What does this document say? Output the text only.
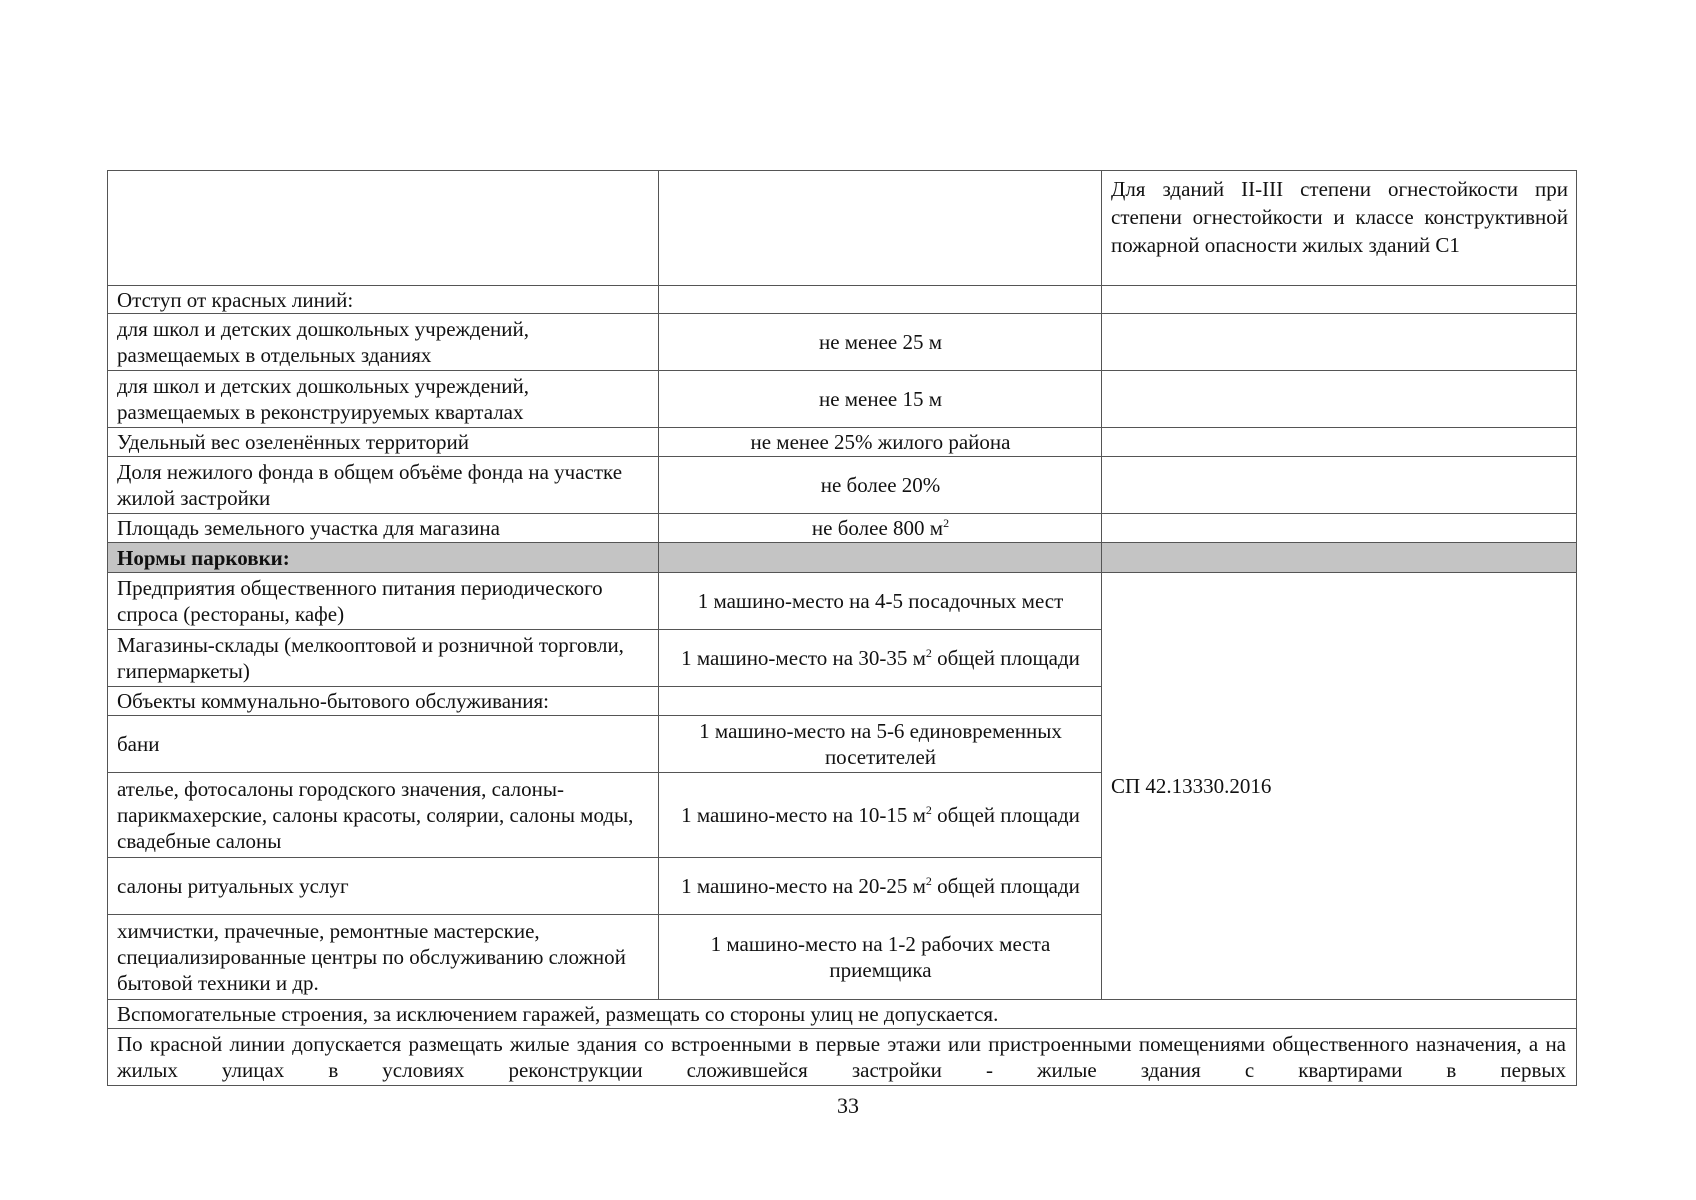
		Для зданий II-III степени огнестойкости при степени огнестойкости и классе конструктивной пожарной опасности жилых зданий С1
Отступ от красных линий:		
для школ и детских дошкольных учреждений, размещаемых в отдельных зданиях	не менее 25 м	
для школ и детских дошкольных учреждений, размещаемых в реконструируемых кварталах	не менее 15 м	
Удельный вес озеленённых территорий	не менее 25% жилого района	
Доля нежилого фонда в общем объёме фонда на участке жилой застройки	не более 20%	
Площадь земельного участка для магазина	не более 800 $м^2$	
Нормы парковки:		
Предприятия общественного питания периодического спроса (рестораны, кафе)	1 машино-место на 4-5 посадочных мест	СП 42.13330.2016
Магазины-склады (мелкооптовой и розничной торговли, гипермаркеты)	1 машино-место на 30-35 $м^2$ общей площади	
Объекты коммунально-бытового обслуживания:		
бани	1 машино-место на 5-6 единовременных посетителей	
ателье, фотосалоны городского значения, салоны-парикмахерские, салоны красоты, солярии, салоны моды, свадебные салоны	1 машино-место на 10-15 $м^2$ общей площади	
салоны ритуальных услуг	1 машино-место на 20-25 $м^2$ общей площади	
химчистки, прачечные, ремонтные мастерские, специализированные центры по обслуживанию сложной бытовой техники и др.	1 машино-место на 1-2 рабочих места приемщика	
Вспомогательные строения, за исключением гаражей, размещать со стороны улиц не допускается.		
По красной линии допускается размещать жилые здания со встроенными в первые этажи или пристроенными помещениями общественного назначения, а на жилых улицах в условиях реконструкции сложившейся застройки - жилые здания с квартирами в первых		
33
